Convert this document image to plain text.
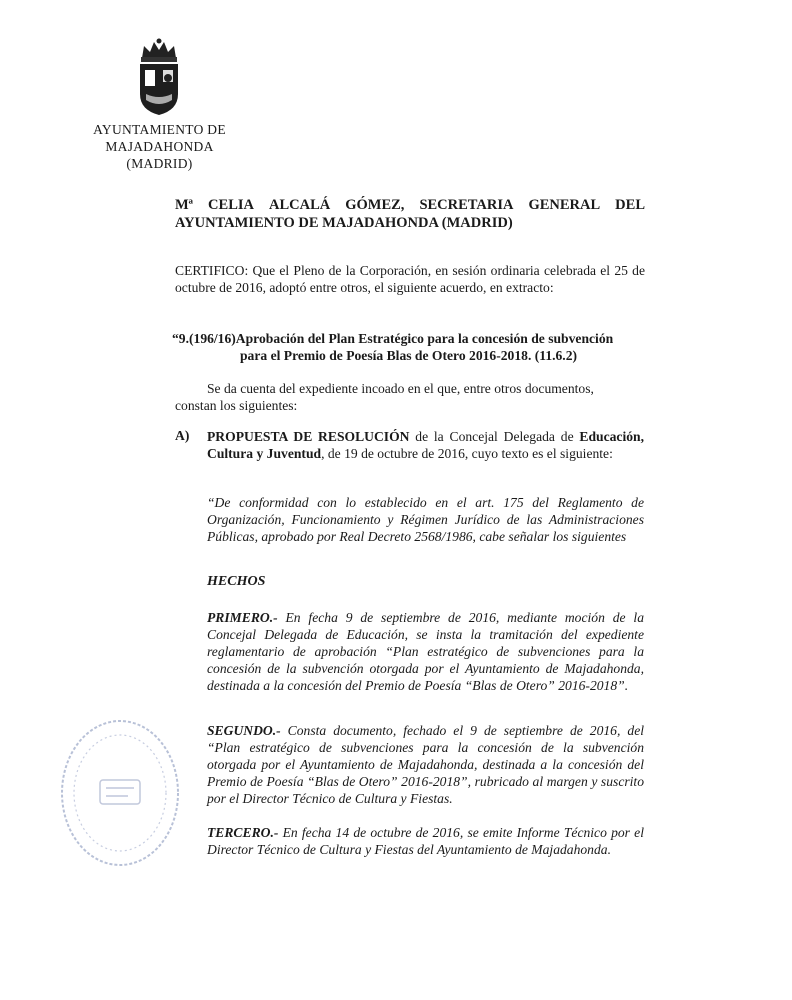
AYUNTAMIENTO DE
MAJADAHONDA
(MADRID)
Mª CELIA ALCALÁ GÓMEZ, SECRETARIA GENERAL DEL
AYUNTAMIENTO DE MAJADAHONDA (MADRID)
CERTIFICO: Que el Pleno de la Corporación, en sesión ordinaria celebrada el 25 de octubre de 2016, adoptó entre otros, el siguiente acuerdo, en extracto:
“9.(196/16)Aprobación del Plan Estratégico para la concesión de subvención
para el Premio de Poesía Blas de Otero 2016-2018. (11.6.2)
Se da cuenta del expediente incoado en el que, entre otros documentos,
constan los siguientes:
A) PROPUESTA DE RESOLUCIÓN de la Concejal Delegada de Educación, Cultura y Juventud, de 19 de octubre de 2016, cuyo texto es el siguiente:
“De conformidad con lo establecido en el art. 175 del Reglamento de Organización, Funcionamiento y Régimen Jurídico de las Administraciones Públicas, aprobado por Real Decreto 2568/1986, cabe señalar los siguientes
HECHOS
PRIMERO.- En fecha 9 de septiembre de 2016, mediante moción de la Concejal Delegada de Educación, se insta la tramitación del expediente reglamentario de aprobación “Plan estratégico de subvenciones para la concesión de la subvención otorgada por el Ayuntamiento de Majadahonda, destinada a la concesión del Premio de Poesía “Blas de Otero” 2016-2018”.
SEGUNDO.- Consta documento, fechado el 9 de septiembre de 2016, del “Plan estratégico de subvenciones para la concesión de la subvención otorgada por el Ayuntamiento de Majadahonda, destinada a la concesión del Premio de Poesía “Blas de Otero” 2016-2018”, rubricado al margen y suscrito por el Director Técnico de Cultura y Fiestas.
TERCERO.- En fecha 14 de octubre de 2016, se emite Informe Técnico por el Director Técnico de Cultura y Fiestas del Ayuntamiento de Majadahonda.
